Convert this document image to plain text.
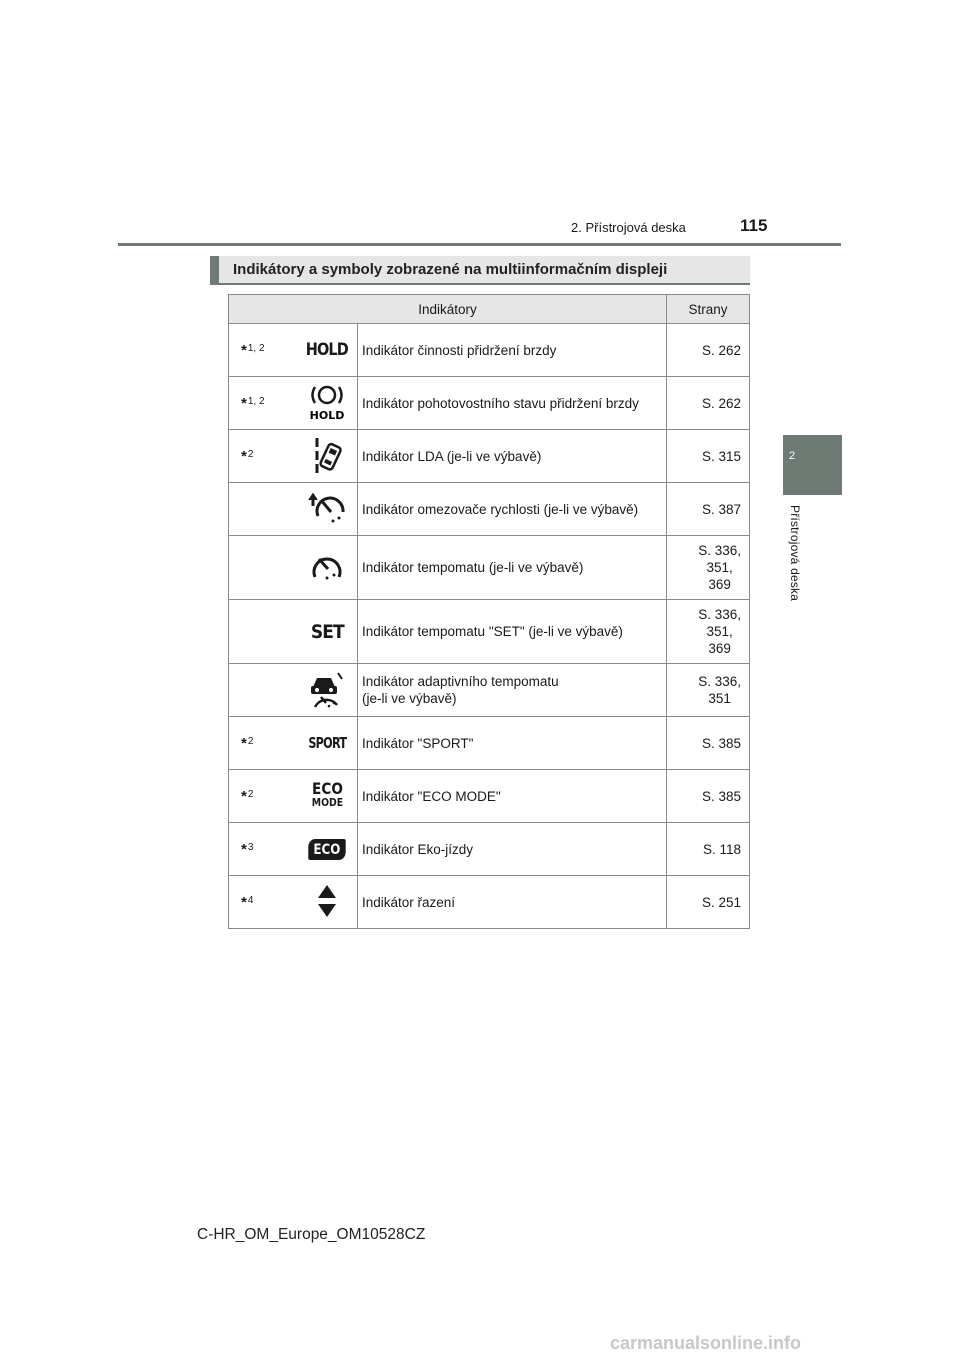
2. Přístrojová deska	115
2
Přístrojová deska
Indikátory a symboly zobrazené na multiinformačním displeji
Indikátory			Strany
*$^{1, 2}$	HOLD	Indikátor činnosti přidržení brzdy	S. 262
*$^{1, 2}$	HOLD	Indikátor pohotovostního stavu přidržení brzdy	S. 262
*$^2$		Indikátor LDA (je-li ve výbavě)	S. 315
		Indikátor omezovače rychlosti (je-li ve výbavě)	S. 387
		Indikátor tempomatu (je-li ve výbavě)	S. 336,
351,
369
	SET	Indikátor tempomatu "SET" (je-li ve výbavě)	S. 336,
351,
369
		Indikátor adaptivního tempomatu
(je-li ve výbavě)	S. 336,
351
*$^2$	SPORT	Indikátor "SPORT"	S. 385
*$^2$	ECO
MODE	Indikátor "ECO MODE"	S. 385
*$^3$	ECO	Indikátor Eko-jízdy	S. 118
*$^4$		Indikátor řazení	S. 251
C-HR_OM_Europe_OM10528CZ
carmanualsonline.info
